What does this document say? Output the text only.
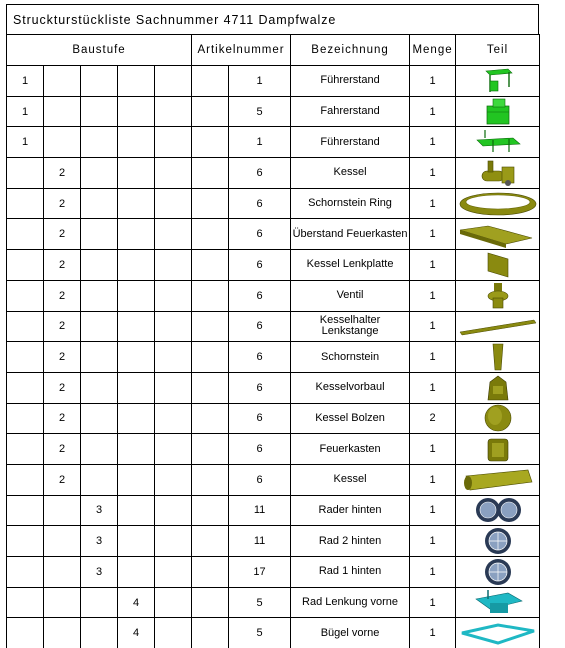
Struckturstückliste Sachnummer 4711 Dampfwalze
Baustufe					Artikelnummer		Bezeichnung	Menge	Teil
1						1	Führerstand	1	

1						5	Fahrerstand	1	

1						1	Führerstand	1	

	2					6	Kessel	1	

	2					6	Schornstein Ring	1	

	2					6	Überstand Feuerkasten	1	

	2					6	Kessel Lenkplatte	1	

	2					6	Ventil	1	

	2					6	Kesselhalter Lenkstange	1	

	2					6	Schornstein	1	

	2					6	Kesselvorbaul	1	

	2					6	Kessel Bolzen	2	

	2					6	Feuerkasten	1	

	2					6	Kessel	1	

		3				11	Rader hinten	1	

		3				11	Rad 2 hinten	1	

		3				17	Rad 1 hinten	1	

			4			5	Rad Lenkung vorne	1	

			4			5	Bügel vorne	1	
